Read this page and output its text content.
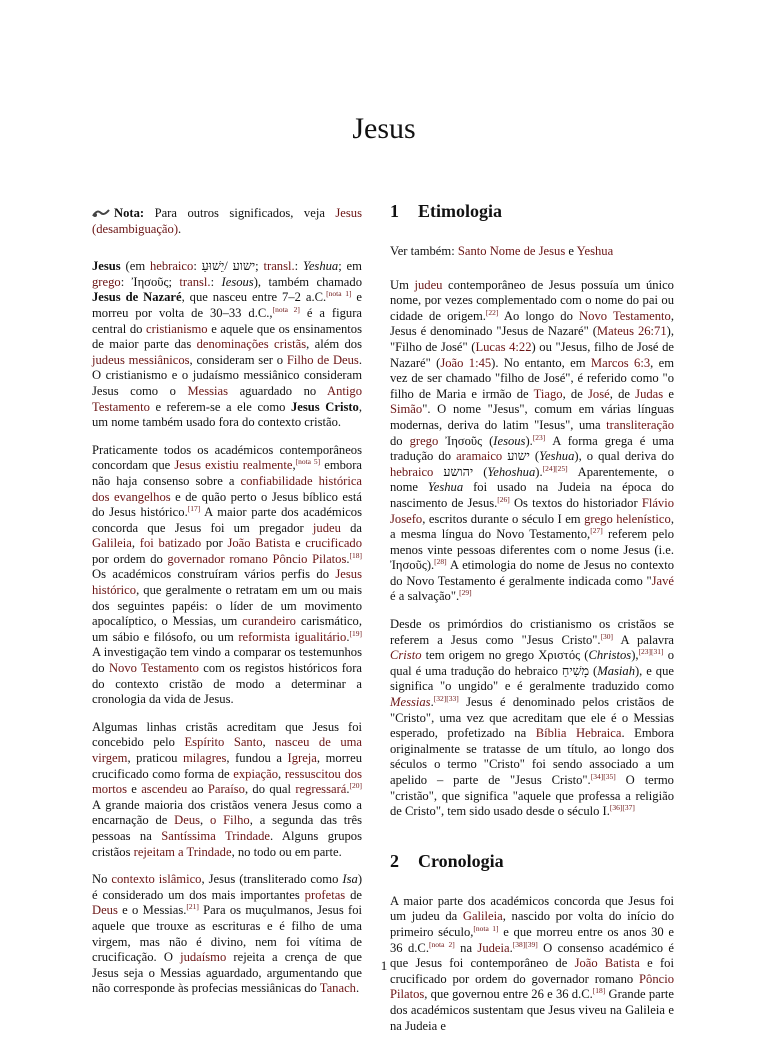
Jesus

Nota: Para outros significados, veja Jesus (desambiguação).

Jesus (em hebraico: ישוע /יֵשׁוּעַ; transl.: Yeshua; em grego: Ἰησοῦς; transl.: Iesous), também chamado Jesus de Nazaré, que nasceu entre 7–2 a.C.[nota 1] e morreu por volta de 30–33 d.C.,[nota 2] é a figura central do cristianismo e aquele que os ensinamentos de maior parte das denominações cristãs, além dos judeus messiânicos, consideram ser o Filho de Deus. O cristianismo e o judaísmo messiânico consideram Jesus como o Messias aguardado no Antigo Testamento e referem-se a ele como Jesus Cristo, um nome também usado fora do contexto cristão.

Praticamente todos os académicos contemporâneos concordam que Jesus existiu realmente,[nota 5] embora não haja consenso sobre a confiabilidade histórica dos evangelhos e de quão perto o Jesus bíblico está do Jesus histórico.[17] A maior parte dos académicos concorda que Jesus foi um pregador judeu da Galileia, foi batizado por João Batista e crucificado por ordem do governador romano Pôncio Pilatos.[18] Os académicos construíram vários perfis do Jesus histórico, que geralmente o retratam em um ou mais dos seguintes papéis: o líder de um movimento apocalíptico, o Messias, um curandeiro carismático, um sábio e filósofo, ou um reformista igualitário.[19] A investigação tem vindo a comparar os testemunhos do Novo Testamento com os registos históricos fora do contexto cristão de modo a determinar a cronologia da vida de Jesus.

Algumas linhas cristãs acreditam que Jesus foi concebido pelo Espírito Santo, nasceu de uma virgem, praticou milagres, fundou a Igreja, morreu crucificado como forma de expiação, ressuscitou dos mortos e ascendeu ao Paraíso, do qual regressará.[20] A grande maioria dos cristãos venera Jesus como a encarnação de Deus, o Filho, a segunda das três pessoas na Santíssima Trindade. Alguns grupos cristãos rejeitam a Trindade, no todo ou em parte.

No contexto islâmico, Jesus (transliterado como Isa) é considerado um dos mais importantes profetas de Deus e o Messias.[21] Para os muçulmanos, Jesus foi aquele que trouxe as escrituras e é filho de uma virgem, mas não é divino, nem foi vítima de crucificação. O judaísmo rejeita a crença de que Jesus seja o Messias aguardado, argumentando que não corresponde às profecias messiânicas do Tanach.

1 Etimologia

Ver também: Santo Nome de Jesus e Yeshua

Um judeu contemporâneo de Jesus possuía um único nome, por vezes complementado com o nome do pai ou cidade de origem.[22] Ao longo do Novo Testamento, Jesus é denominado "Jesus de Nazaré" (Mateus 26:71), "Filho de José" (Lucas 4:22) ou "Jesus, filho de José de Nazaré" (João 1:45). No entanto, em Marcos 6:3, em vez de ser chamado "filho de José", é referido como "o filho de Maria e irmão de Tiago, de José, de Judas e Simão". O nome "Jesus", comum em várias línguas modernas, deriva do latim "Iesus", uma transliteração do grego Ἰησοῦς (Iesous).[23] A forma grega é uma tradução do aramaico ישוע (Yeshua), o qual deriva do hebraico יהושע (Yehoshua).[24][25] Aparentemente, o nome Yeshua foi usado na Judeia na época do nascimento de Jesus.[26] Os textos do historiador Flávio Josefo, escritos durante o século I em grego helenístico, a mesma língua do Novo Testamento,[27] referem pelo menos vinte pessoas diferentes com o nome Jesus (i.e. Ἰησοῦς).[28] A etimologia do nome de Jesus no contexto do Novo Testamento é geralmente indicada como "Javé é a salvação".[29]

Desde os primórdios do cristianismo os cristãos se referem a Jesus como "Jesus Cristo".[30] A palavra Cristo tem origem no grego Χριστός (Christos),[23][31] o qual é uma tradução do hebraico מָשִׁיחַ (Masiah), e que significa "o ungido" e é geralmente traduzido como Messias.[32][33] Jesus é denominado pelos cristãos de "Cristo", uma vez que acreditam que ele é o Messias esperado, profetizado na Bíblia Hebraica. Embora originalmente se tratasse de um título, ao longo dos séculos o termo "Cristo" foi sendo associado a um apelido – parte de "Jesus Cristo".[34][35] O termo "cristão", que significa "aquele que professa a religião de Cristo", tem sido usado desde o século I.[36][37]

2 Cronologia

A maior parte dos académicos concorda que Jesus foi um judeu da Galileia, nascido por volta do início do primeiro século,[nota 1] e que morreu entre os anos 30 e 36 d.C.[nota 2] na Judeia.[38][39] O consenso académico é que Jesus foi contemporâneo de João Batista e foi crucificado por ordem do governador romano Pôncio Pilatos, que governou entre 26 e 36 d.C.[18] Grande parte dos académicos sustentam que Jesus viveu na Galileia e na Judeia e

1
